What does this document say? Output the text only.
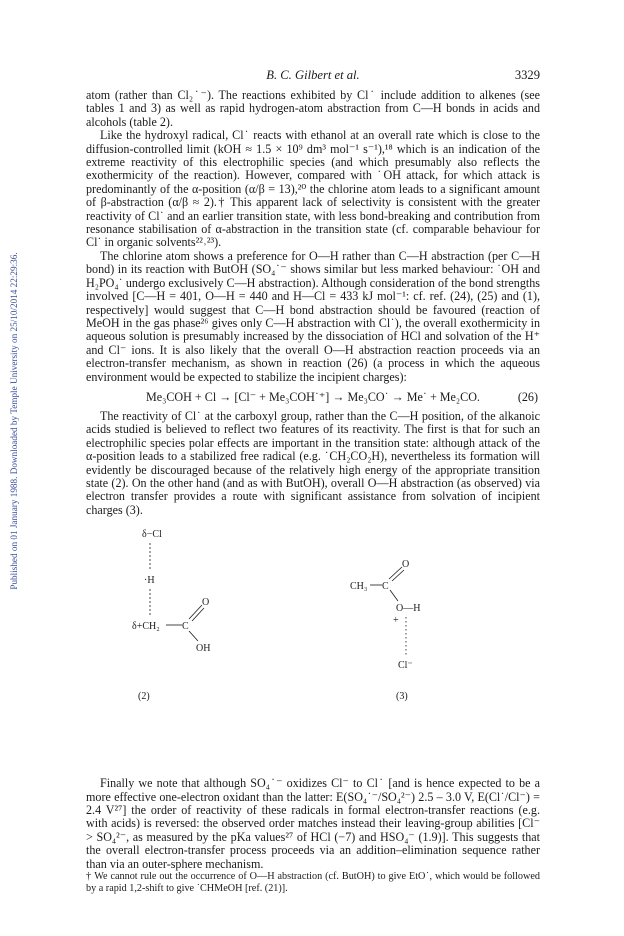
Published on 01 January 1988. Downloaded by Temple University on 25/10/2014 22:29:36.
B. C. Gilbert et al.	3329

atom (rather than Cl₂˙⁻). The reactions exhibited by Cl˙ include addition to alkenes (see tables 1 and 3) as well as rapid hydrogen-atom abstraction from C—H bonds in acids and alcohols (table 2).

Like the hydroxyl radical, Cl˙ reacts with ethanol at an overall rate which is close to the diffusion-controlled limit (kOH ≈ 1.5 × 10⁹ dm³ mol⁻¹ s⁻¹),¹⁸ which is an indication of the extreme reactivity of this electrophilic species (and which presumably also reflects the exothermicity of the reaction). However, compared with ˙OH attack, for which attack is predominantly of the α-position (α/β = 13),²⁰ the chlorine atom leads to a significant amount of β-abstraction (α/β ≈ 2).† This apparent lack of selectivity is consistent with the greater reactivity of Cl˙ and an earlier transition state, with less bond-breaking and contribution from resonance stabilisation of α-abstraction in the transition state (cf. comparable behaviour for Cl˙ in organic solvents²²˒²³).

The chlorine atom shows a preference for O—H rather than C—H abstraction (per C—H bond) in its reaction with ButOH (SO₄˙⁻ shows similar but less marked behaviour: ˙OH and H₂PO₄˙ undergo exclusively C—H abstraction). Although consideration of the bond strengths involved [C—H = 401, O—H = 440 and H—Cl = 433 kJ mol⁻¹: cf. ref. (24), (25) and (1), respectively] would suggest that C—H bond abstraction should be favoured (reaction of MeOH in the gas phase²⁶ gives only C—H abstraction with Cl˙), the overall exothermicity in aqueous solution is presumably increased by the dissociation of HCl and solvation of the H⁺ and Cl⁻ ions. It is also likely that the overall O—H abstraction reaction proceeds via an electron-transfer mechanism, as shown in reaction (26) (a process in which the aqueous environment would be expected to stabilize the incipient charges):

Me₃COH + Cl → [Cl⁻ + Me₃COH˙⁺] → Me₃CO˙ → Me˙ + Me₂CO.	(26)

The reactivity of Cl˙ at the carboxyl group, rather than the C—H position, of the alkanoic acids studied is believed to reflect two features of its reactivity. The first is that for such an electrophilic species polar effects are important in the transition state: although attack of the α-position leads to a stabilized free radical (e.g. ˙CH₂CO₂H), nevertheless its formation will evidently be discouraged because of the relatively high energy of the appropriate transition state (2). On the other hand (and as with ButOH), overall O—H abstraction (as observed) via electron transfer provides a route with significant assistance from solvation of incipient charges (3).

δ−Cl
·H
δ+CH₂ C
O
OH
(2)
CH₃ C
O
O—H
+
Cl⁻
(3)

Finally we note that although SO₄˙⁻ oxidizes Cl⁻ to Cl˙ [and is hence expected to be a more effective one-electron oxidant than the latter: E(SO₄˙⁻/SO₄²⁻) 2.5 – 3.0 V, E(Cl˙/Cl⁻) = 2.4 V²⁷] the order of reactivity of these radicals in formal electron-transfer reactions (e.g. with acids) is reversed: the observed order matches instead their leaving-group abilities [Cl⁻ > SO₄²⁻, as measured by the pKa values²⁷ of HCl (−7) and HSO₄⁻ (1.9)]. This suggests that the overall electron-transfer process proceeds via an addition–elimination sequence rather than via an outer-sphere mechanism.

† We cannot rule out the occurrence of O—H abstraction (cf. ButOH) to give EtO˙, which would be followed by a rapid 1,2-shift to give ˙CHMeOH [ref. (21)].
